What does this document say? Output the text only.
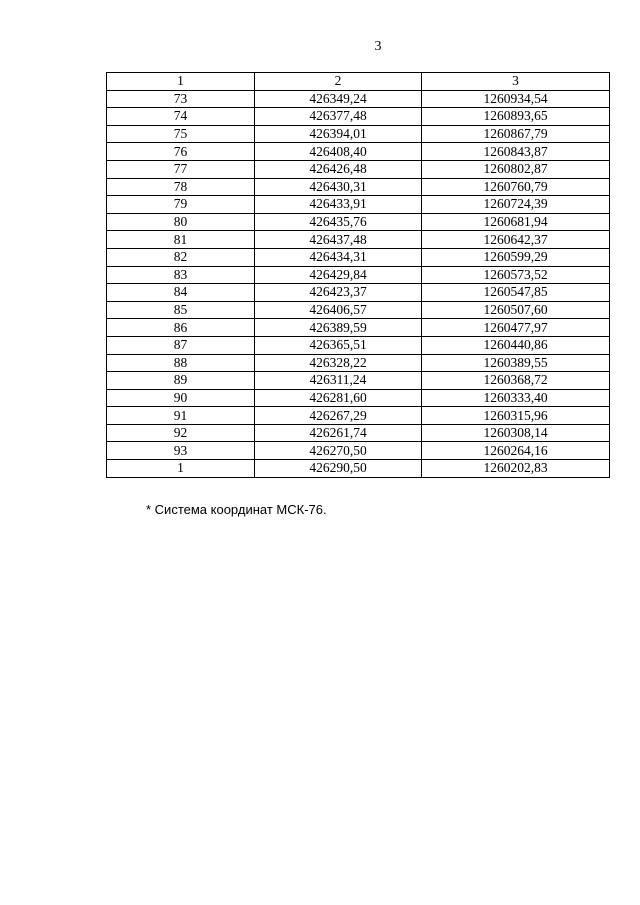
3
1	2	3
73	426349,24	1260934,54
74	426377,48	1260893,65
75	426394,01	1260867,79
76	426408,40	1260843,87
77	426426,48	1260802,87
78	426430,31	1260760,79
79	426433,91	1260724,39
80	426435,76	1260681,94
81	426437,48	1260642,37
82	426434,31	1260599,29
83	426429,84	1260573,52
84	426423,37	1260547,85
85	426406,57	1260507,60
86	426389,59	1260477,97
87	426365,51	1260440,86
88	426328,22	1260389,55
89	426311,24	1260368,72
90	426281,60	1260333,40
91	426267,29	1260315,96
92	426261,74	1260308,14
93	426270,50	1260264,16
1	426290,50	1260202,83
* Система координат МСК-76.
